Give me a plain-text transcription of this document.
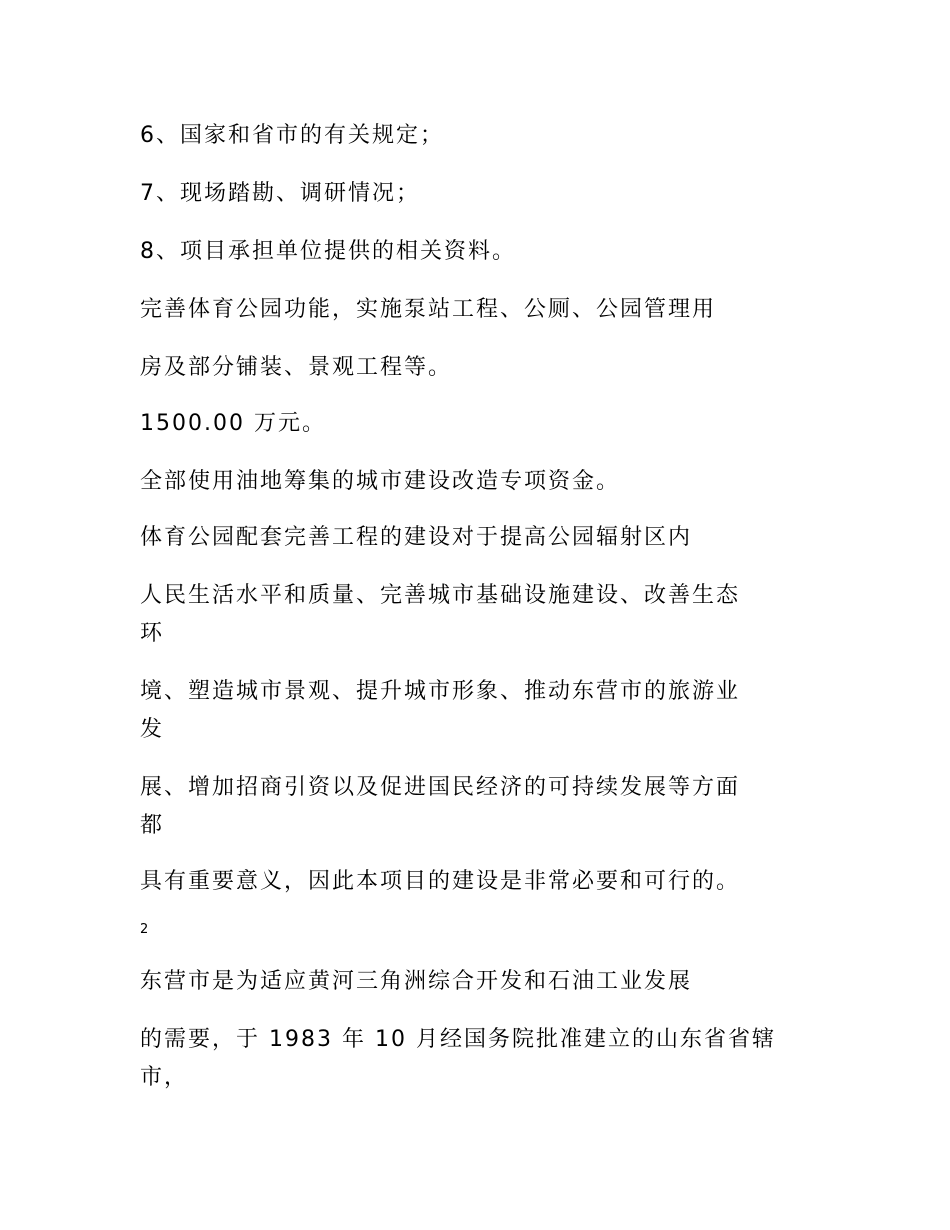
6、国家和省市的有关规定；
7、现场踏勘、调研情况；
8、项目承担单位提供的相关资料。
完善体育公园功能，实施泵站工程、公厕、公园管理用
房及部分铺装、景观工程等。
1500.00 万元。
全部使用油地筹集的城市建设改造专项资金。
体育公园配套完善工程的建设对于提高公园辐射区内
人民生活水平和质量、完善城市基础设施建设、改善生态
环
境、塑造城市景观、提升城市形象、推动东营市的旅游业
发
展、增加招商引资以及促进国民经济的可持续发展等方面
都
具有重要意义，因此本项目的建设是非常必要和可行的。
2
东营市是为适应黄河三角洲综合开发和石油工业发展
的需要，于 1983 年 10 月经国务院批准建立的山东省省辖
市，
